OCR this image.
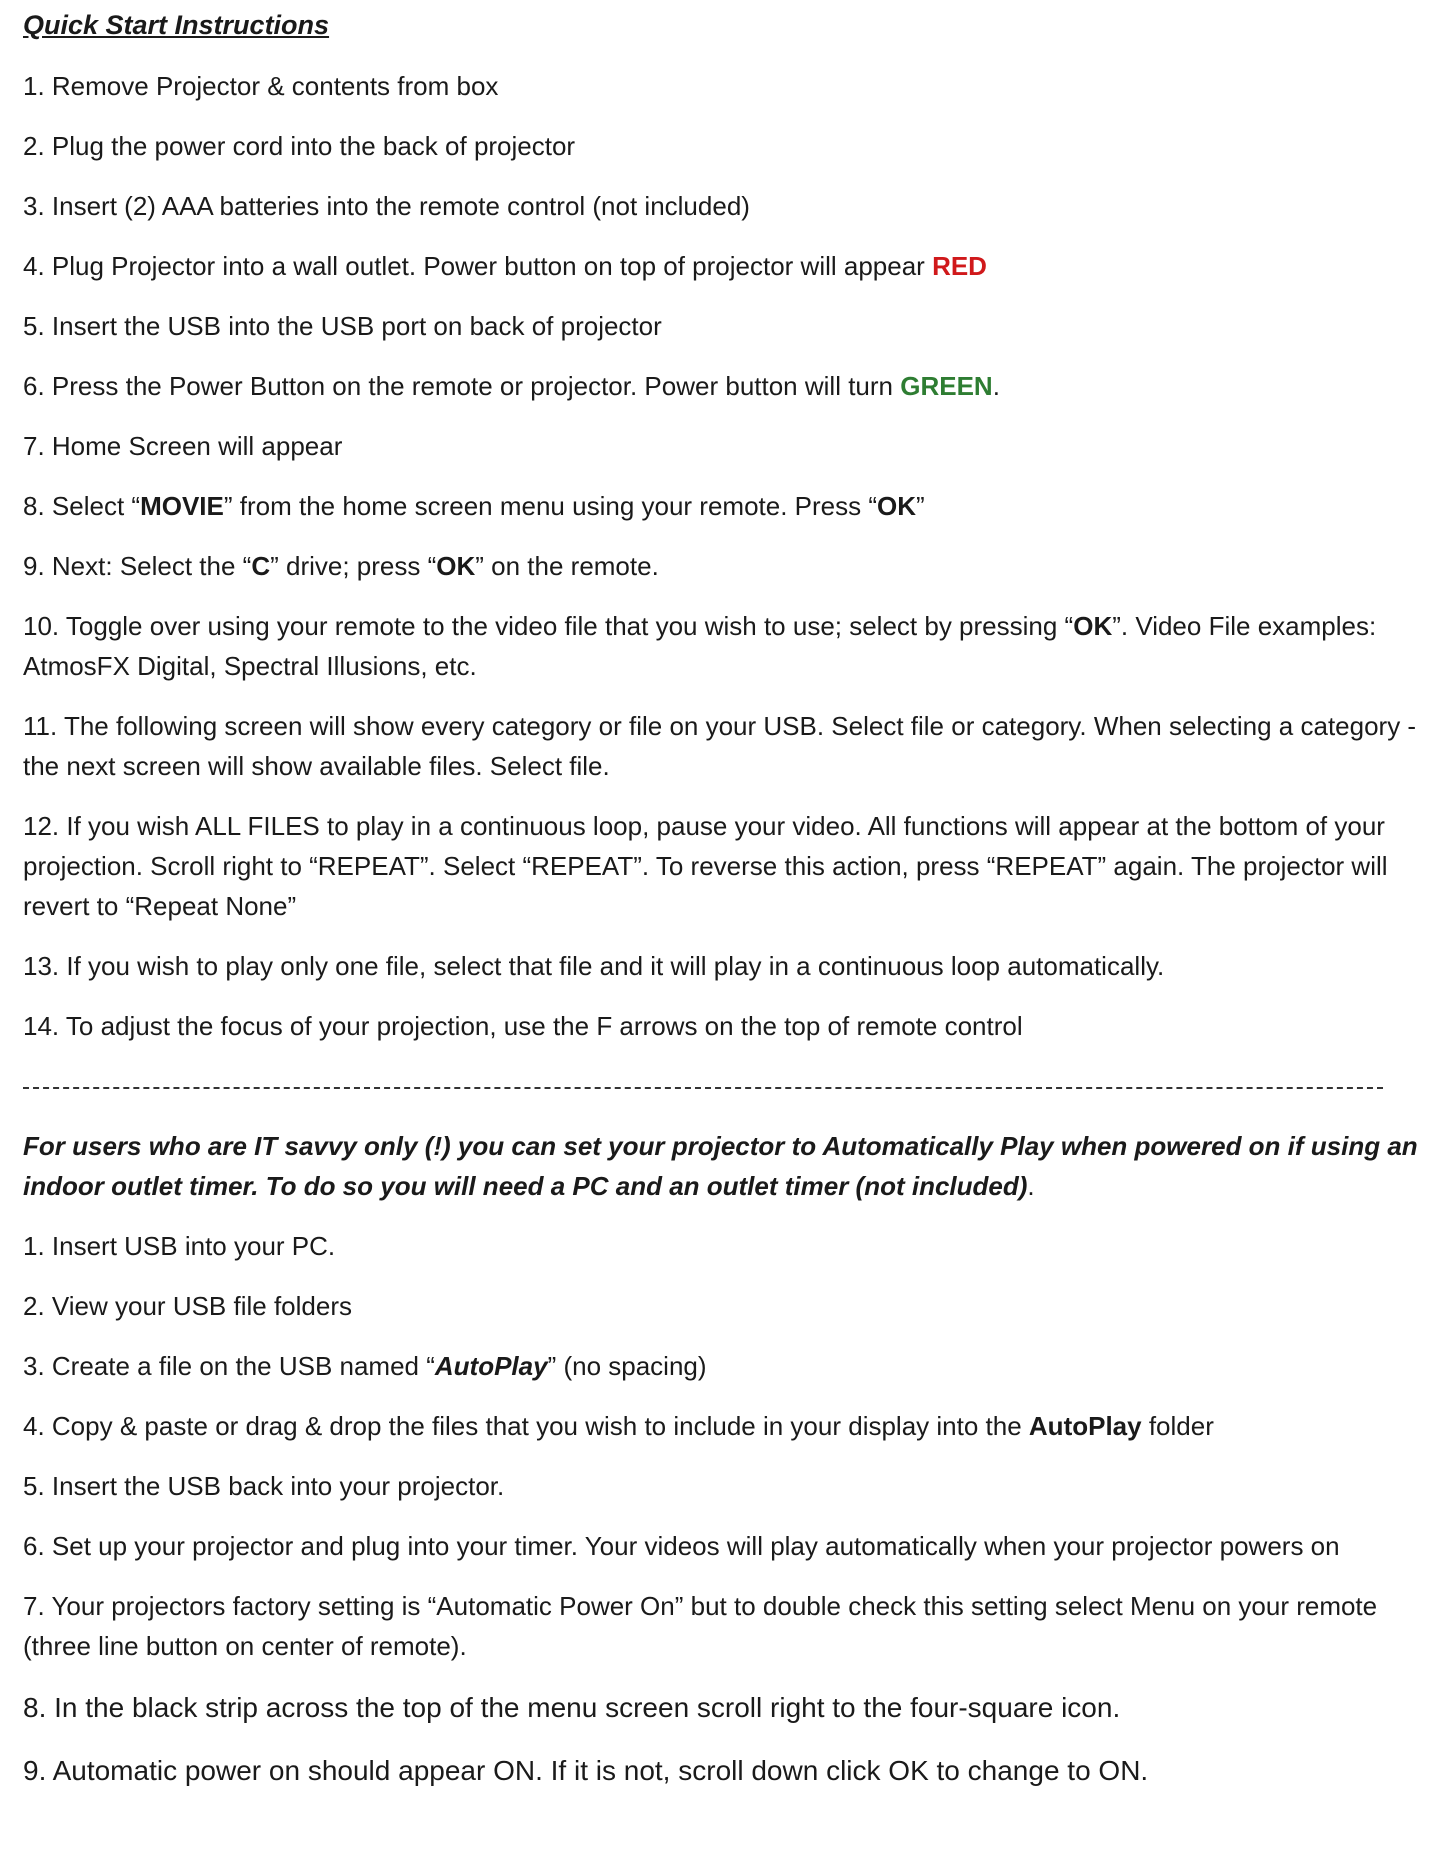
Quick Start Instructions
1. Remove Projector & contents from box
2. Plug the power cord into the back of projector
3. Insert (2) AAA batteries into the remote control (not included)
4. Plug Projector into a wall outlet. Power button on top of projector will appear RED
5. Insert the USB into the USB port on back of projector
6. Press the Power Button on the remote or projector. Power button will turn GREEN.
7. Home Screen will appear
8. Select “MOVIE” from the home screen menu using your remote. Press “OK”
9. Next: Select the “C” drive; press “OK” on the remote.
10. Toggle over using your remote to the video file that you wish to use; select by pressing “OK”. Video File examples: AtmosFX Digital, Spectral Illusions, etc.
11. The following screen will show every category or file on your USB. Select file or category. When selecting a category - the next screen will show available files. Select file.
12. If you wish ALL FILES to play in a continuous loop, pause your video. All functions will appear at the bottom of your projection. Scroll right to “REPEAT”. Select “REPEAT”. To reverse this action, press “REPEAT” again. The projector will revert to “Repeat None”
13. If you wish to play only one file, select that file and it will play in a continuous loop automatically.
14. To adjust the focus of your projection, use the F arrows on the top of remote control
For users who are IT savvy only (!) you can set your projector to Automatically Play when powered on if using an indoor outlet timer. To do so you will need a PC and an outlet timer (not included).
1. Insert USB into your PC.
2. View your USB file folders
3. Create a file on the USB named “AutoPlay” (no spacing)
4. Copy & paste or drag & drop the files that you wish to include in your display into the AutoPlay folder
5. Insert the USB back into your projector.
6. Set up your projector and plug into your timer. Your videos will play automatically when your projector powers on
7. Your projectors factory setting is “Automatic Power On” but to double check this setting select Menu on your remote (three line button on center of remote).
8. In the black strip across the top of the menu screen scroll right to the four-square icon.
9. Automatic power on should appear ON. If it is not, scroll down click OK to change to ON.
